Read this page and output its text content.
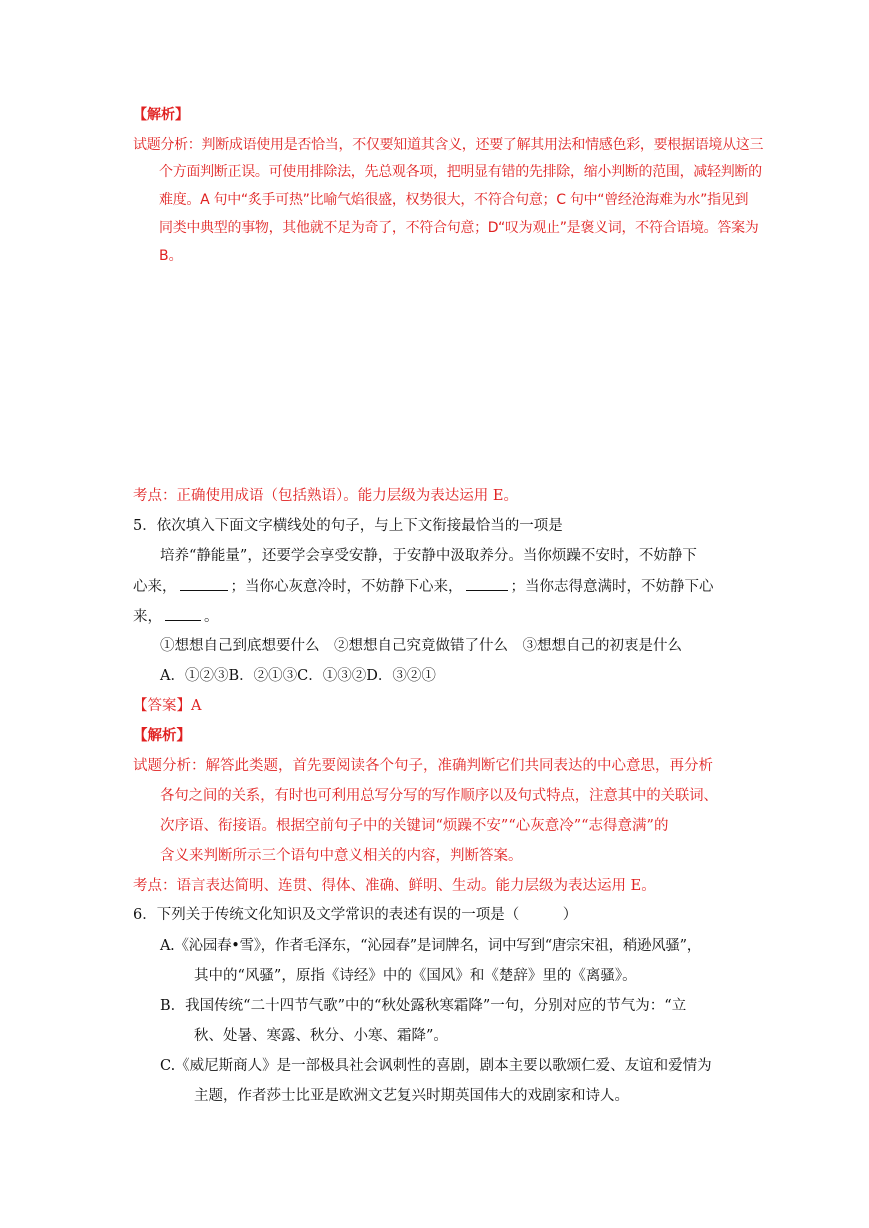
【解析】
试题分析：判断成语使用是否恰当，不仅要知道其含义，还要了解其用法和情感色彩，要根据语境从这三
个方面判断正误。可使用排除法，先总观各项，把明显有错的先排除，缩小判断的范围，减轻判断的
难度。A 句中“炙手可热”比喻气焰很盛，权势很大，不符合句意；C 句中“曾经沧海难为水”指见到
同类中典型的事物，其他就不足为奇了，不符合句意；D“叹为观止”是褒义词，不符合语境。答案为
B。
考点：正确使用成语（包括熟语）。能力层级为表达运用 E。
5．依次填入下面文字横线处的句子，与上下文衔接最恰当的一项是
培养“静能量”，还要学会享受安静，于安静中汲取养分。当你烦躁不安时，不妨静下
心来，	；当你心灰意冷时，不妨静下心来，	；当你志得意满时，不妨静下心
来，	。
①想想自己到底想要什么　②想想自己究竟做错了什么　③想想自己的初衷是什么
A．①②③B．②①③C．①③②D．③②①
【答案】A
【解析】
试题分析：解答此类题，首先要阅读各个句子，准确判断它们共同表达的中心意思，再分析
各句之间的关系，有时也可利用总写分写的写作顺序以及句式特点，注意其中的关联词、
次序语、衔接语。根据空前句子中的关键词“烦躁不安”“心灰意冷”“志得意满”的
含义来判断所示三个语句中意义相关的内容，判断答案。
考点：语言表达简明、连贯、得体、准确、鲜明、生动。能力层级为表达运用 E。
6．下列关于传统文化知识及文学常识的表述有误的一项是（　　　）
A.《沁园春•雪》，作者毛泽东，“沁园春”是词牌名，词中写到“唐宗宋祖，稍逊风骚”，
其中的“风骚”，原指《诗经》中的《国风》和《楚辞》里的《离骚》。
B．我国传统“二十四节气歌”中的“秋处露秋寒霜降”一句，分别对应的节气为：“立
秋、处暑、寒露、秋分、小寒、霜降”。
C.《威尼斯商人》是一部极具社会讽刺性的喜剧，剧本主要以歌颂仁爱、友谊和爱情为
主题，作者莎士比亚是欧洲文艺复兴时期英国伟大的戏剧家和诗人。
